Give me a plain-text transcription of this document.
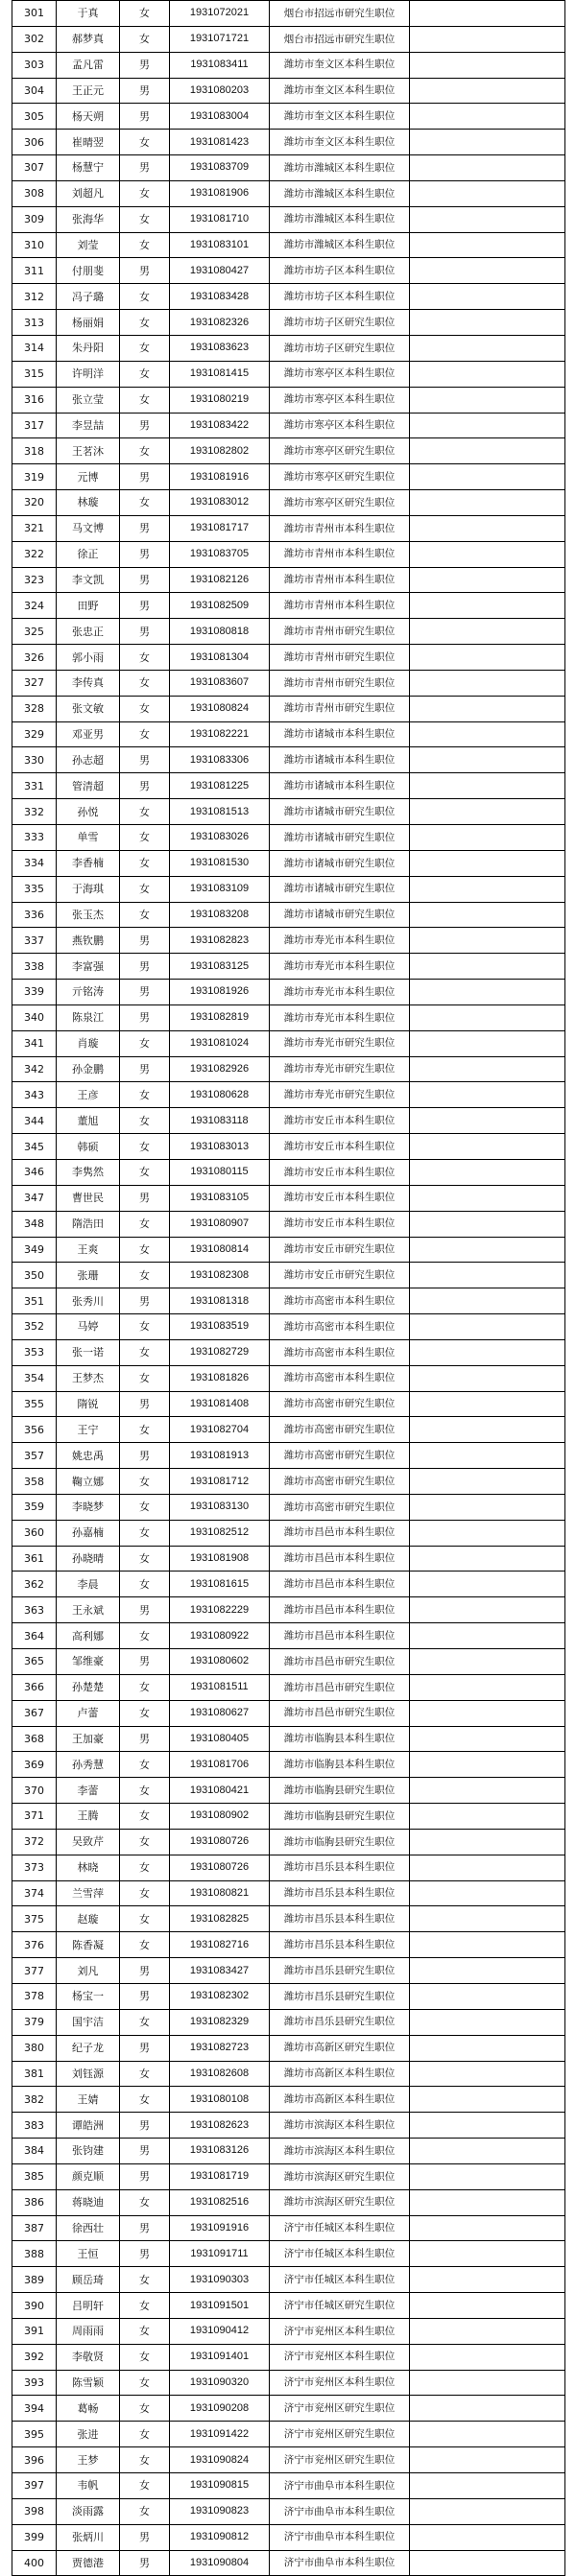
301	于真	女	1931072021	烟台市招远市研究生职位	
302	郝梦真	女	1931071721	烟台市招远市研究生职位	
303	孟凡雷	男	1931083411	潍坊市奎文区本科生职位	
304	王正元	男	1931080203	潍坊市奎文区本科生职位	
305	杨天朔	男	1931083004	潍坊市奎文区本科生职位	
306	崔晴翌	女	1931081423	潍坊市奎文区本科生职位	
307	杨慧宁	男	1931083709	潍坊市潍城区本科生职位	
308	刘超凡	女	1931081906	潍坊市潍城区本科生职位	
309	张海华	女	1931081710	潍坊市潍城区本科生职位	
310	刘莹	女	1931083101	潍坊市潍城区本科生职位	
311	付朋斐	男	1931080427	潍坊市坊子区本科生职位	
312	冯子璐	女	1931083428	潍坊市坊子区本科生职位	
313	杨丽娟	女	1931082326	潍坊市坊子区研究生职位	
314	朱丹阳	女	1931083623	潍坊市坊子区研究生职位	
315	许明洋	女	1931081415	潍坊市寒亭区本科生职位	
316	张立莹	女	1931080219	潍坊市寒亭区本科生职位	
317	李昱喆	男	1931083422	潍坊市寒亭区本科生职位	
318	王茗沐	女	1931082802	潍坊市寒亭区研究生职位	
319	元博	男	1931081916	潍坊市寒亭区研究生职位	
320	林璇	女	1931083012	潍坊市寒亭区研究生职位	
321	马文博	男	1931081717	潍坊市青州市本科生职位	
322	徐正	男	1931083705	潍坊市青州市本科生职位	
323	李文凯	男	1931082126	潍坊市青州市本科生职位	
324	田野	男	1931082509	潍坊市青州市本科生职位	
325	张忠正	男	1931080818	潍坊市青州市研究生职位	
326	郭小雨	女	1931081304	潍坊市青州市研究生职位	
327	李传真	女	1931083607	潍坊市青州市研究生职位	
328	张文敏	女	1931080824	潍坊市青州市研究生职位	
329	邓亚男	女	1931082221	潍坊市诸城市本科生职位	
330	孙志超	男	1931083306	潍坊市诸城市本科生职位	
331	管清超	男	1931081225	潍坊市诸城市本科生职位	
332	孙悦	女	1931081513	潍坊市诸城市研究生职位	
333	单雪	女	1931083026	潍坊市诸城市研究生职位	
334	李香楠	女	1931081530	潍坊市诸城市研究生职位	
335	于海琪	女	1931083109	潍坊市诸城市研究生职位	
336	张玉杰	女	1931083208	潍坊市诸城市研究生职位	
337	燕钦鹏	男	1931082823	潍坊市寿光市本科生职位	
338	李富强	男	1931083125	潍坊市寿光市本科生职位	
339	亓铭涛	男	1931081926	潍坊市寿光市本科生职位	
340	陈泉江	男	1931082819	潍坊市寿光市本科生职位	
341	肖璇	女	1931081024	潍坊市寿光市研究生职位	
342	孙金鹏	男	1931082926	潍坊市寿光市研究生职位	
343	王彦	女	1931080628	潍坊市寿光市研究生职位	
344	董旭	女	1931083118	潍坊市安丘市本科生职位	
345	韩硕	女	1931083013	潍坊市安丘市本科生职位	
346	李隽然	女	1931080115	潍坊市安丘市本科生职位	
347	曹世民	男	1931083105	潍坊市安丘市本科生职位	
348	隋浩田	女	1931080907	潍坊市安丘市本科生职位	
349	王爽	女	1931080814	潍坊市安丘市研究生职位	
350	张珊	女	1931082308	潍坊市安丘市研究生职位	
351	张秀川	男	1931081318	潍坊市高密市本科生职位	
352	马婷	女	1931083519	潍坊市高密市本科生职位	
353	张一诺	女	1931082729	潍坊市高密市本科生职位	
354	王梦杰	女	1931081826	潍坊市高密市本科生职位	
355	隋锐	男	1931081408	潍坊市高密市研究生职位	
356	王宁	女	1931082704	潍坊市高密市研究生职位	
357	姚忠禹	男	1931081913	潍坊市高密市研究生职位	
358	鞠立娜	女	1931081712	潍坊市高密市研究生职位	
359	李晓梦	女	1931083130	潍坊市高密市研究生职位	
360	孙嘉楠	女	1931082512	潍坊市昌邑市本科生职位	
361	孙晓晴	女	1931081908	潍坊市昌邑市本科生职位	
362	李晨	女	1931081615	潍坊市昌邑市本科生职位	
363	王永斌	男	1931082229	潍坊市昌邑市本科生职位	
364	高利娜	女	1931080922	潍坊市昌邑市本科生职位	
365	邹维豪	男	1931080602	潍坊市昌邑市研究生职位	
366	孙楚楚	女	1931081511	潍坊市昌邑市研究生职位	
367	卢蕾	女	1931080627	潍坊市昌邑市研究生职位	
368	王加豪	男	1931080405	潍坊市临朐县本科生职位	
369	孙秀慧	女	1931081706	潍坊市临朐县本科生职位	
370	李蕾	女	1931080421	潍坊市临朐县研究生职位	
371	王腾	女	1931080902	潍坊市临朐县研究生职位	
372	吴致芹	女	1931080726	潍坊市临朐县研究生职位	
373	林晓	女	1931080726	潍坊市昌乐县本科生职位	
374	兰雪萍	女	1931080821	潍坊市昌乐县本科生职位	
375	赵璇	女	1931082825	潍坊市昌乐县本科生职位	
376	陈香凝	女	1931082716	潍坊市昌乐县本科生职位	
377	刘凡	男	1931083427	潍坊市昌乐县研究生职位	
378	杨宝一	男	1931082302	潍坊市昌乐县研究生职位	
379	国宇洁	女	1931082329	潍坊市昌乐县研究生职位	
380	纪子龙	男	1931082723	潍坊市高新区研究生职位	
381	刘钰源	女	1931082608	潍坊市高新区本科生职位	
382	王婧	女	1931080108	潍坊市高新区本科生职位	
383	谭皓洲	男	1931082623	潍坊市滨海区本科生职位	
384	张钧建	男	1931083126	潍坊市滨海区本科生职位	
385	颜克顺	男	1931081719	潍坊市滨海区研究生职位	
386	蒋晓迪	女	1931082516	潍坊市滨海区研究生职位	
387	徐西壮	男	1931091916	济宁市任城区本科生职位	
388	王恒	男	1931091711	济宁市任城区本科生职位	
389	顾岳琦	女	1931090303	济宁市任城区本科生职位	
390	吕明轩	女	1931091501	济宁市任城区研究生职位	
391	周雨雨	女	1931090412	济宁市兖州区本科生职位	
392	李敬贤	女	1931091401	济宁市兖州区本科生职位	
393	陈雪颖	女	1931090320	济宁市兖州区本科生职位	
394	葛畅	女	1931090208	济宁市兖州区研究生职位	
395	张进	女	1931091422	济宁市兖州区研究生职位	
396	王梦	女	1931090824	济宁市兖州区研究生职位	
397	韦帆	女	1931090815	济宁市曲阜市本科生职位	
398	淡雨露	女	1931090823	济宁市曲阜市本科生职位	
399	张炳川	男	1931090812	济宁市曲阜市本科生职位	
400	贾德港	男	1931090804	济宁市曲阜市本科生职位	
